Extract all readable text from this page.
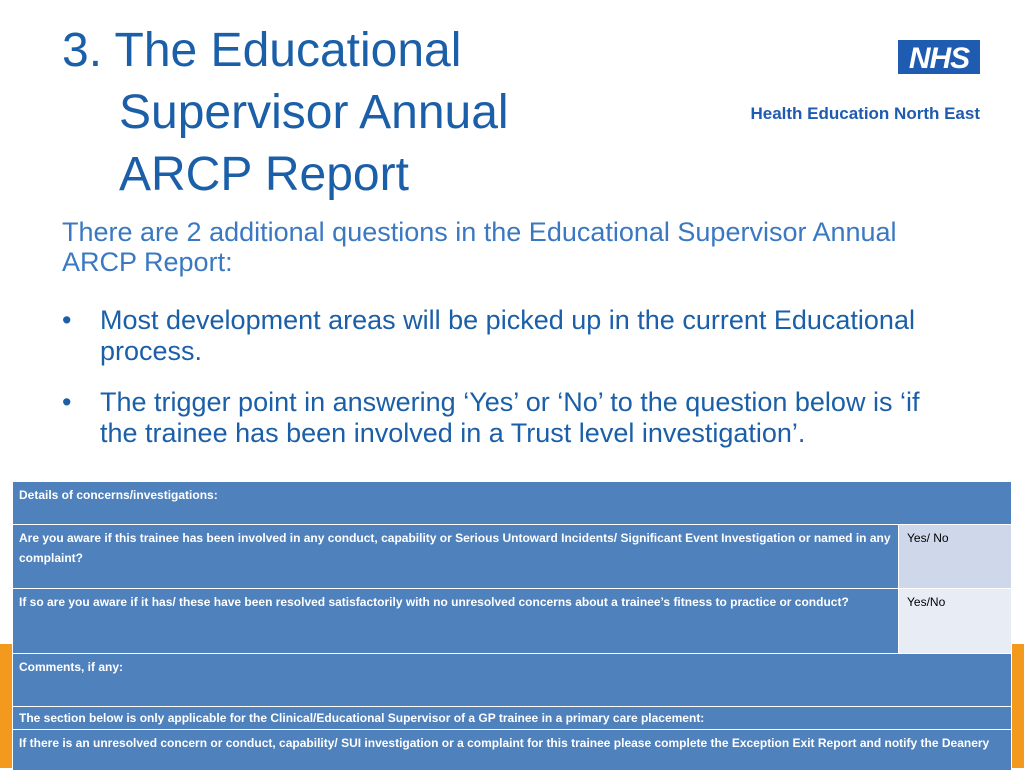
3. The Educational
Supervisor Annual
ARCP Report
NHS
Health Education North East

There are 2 additional questions in the Educational Supervisor Annual ARCP Report:

• Most development areas will be picked up in the current Educational process.
• The trigger point in answering ‘Yes’ or ‘No’ to the question below is ‘if the trainee has been involved in a Trust level investigation’.
Details of concerns/investigations:	
Are you aware if this trainee has been involved in any conduct, capability or Serious Untoward Incidents/ Significant Event Investigation or named in any complaint?	Yes/ No
If so are you aware if it has/ these have been resolved satisfactorily with no unresolved concerns about a trainee’s fitness to practice or conduct?	Yes/No
Comments, if any:	
The section below is only applicable for the Clinical/Educational Supervisor of a GP trainee in a primary care placement:	
If there is an unresolved concern or conduct, capability/ SUI investigation or a complaint for this trainee please complete the Exception Exit Report and notify the Deanery	
